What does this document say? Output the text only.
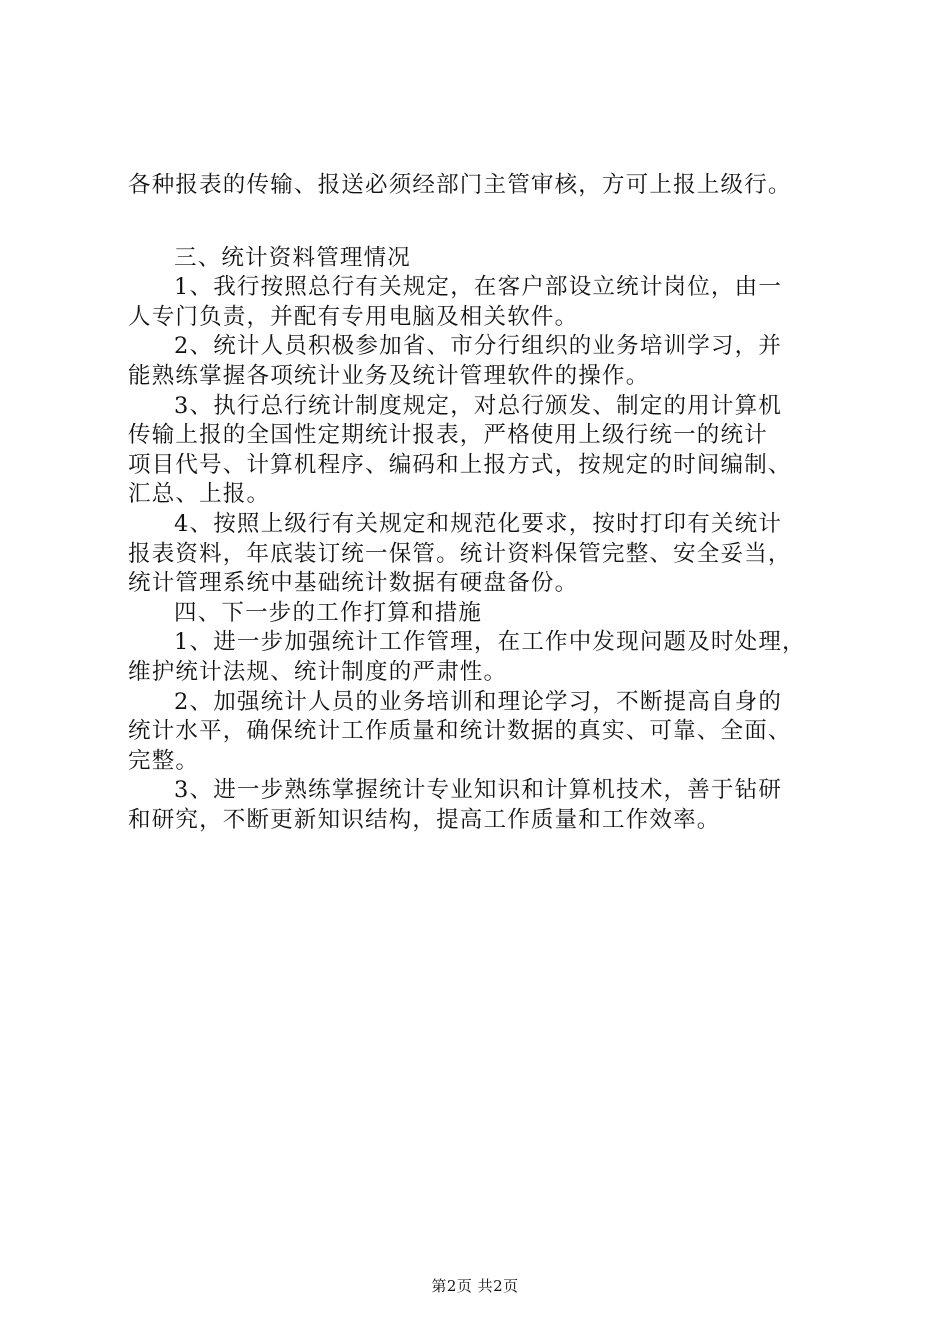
各种报表的传输、报送必须经部门主管审核，方可上报上级行。
三、统计资料管理情况
1、我行按照总行有关规定，在客户部设立统计岗位，由一
人专门负责，并配有专用电脑及相关软件。
2、统计人员积极参加省、市分行组织的业务培训学习，并
能熟练掌握各项统计业务及统计管理软件的操作。
3、执行总行统计制度规定，对总行颁发、制定的用计算机
传输上报的全国性定期统计报表，严格使用上级行统一的统计
项目代号、计算机程序、编码和上报方式，按规定的时间编制、
汇总、上报。
4、按照上级行有关规定和规范化要求，按时打印有关统计
报表资料，年底装订统一保管。统计资料保管完整、安全妥当，
统计管理系统中基础统计数据有硬盘备份。
四、下一步的工作打算和措施
1、进一步加强统计工作管理，在工作中发现问题及时处理，
维护统计法规、统计制度的严肃性。
2、加强统计人员的业务培训和理论学习，不断提高自身的
统计水平，确保统计工作质量和统计数据的真实、可靠、全面、
完整。
3、进一步熟练掌握统计专业知识和计算机技术，善于钻研
和研究，不断更新知识结构，提高工作质量和工作效率。
第2页 共2页
